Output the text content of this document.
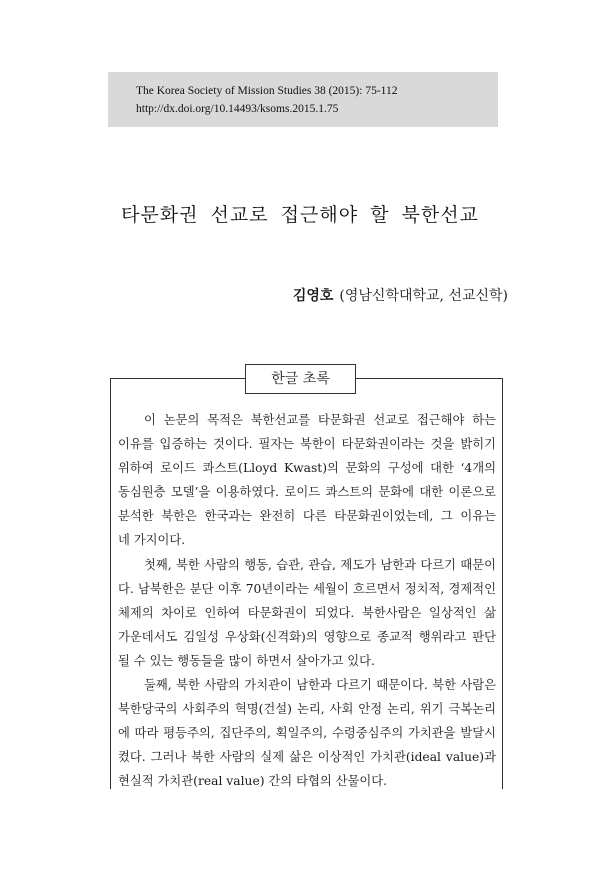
The Korea Society of Mission Studies 38 (2015): 75-112
http://dx.doi.org/10.14493/ksoms.2015.1.75
타문화권 선교로 접근해야 할 북한선교
김영호 (영남신학대학교, 선교신학)
한글 초록
이 논문의 목적은 북한선교를 타문화권 선교로 접근해야 하는
이유를 입증하는 것이다. 필자는 북한이 타문화권이라는 것을 밝히기
위하여 로이드 콰스트(Lloyd Kwast)의 문화의 구성에 대한 ‘4개의
동심원층 모델’을 이용하였다. 로이드 콰스트의 문화에 대한 이론으로
분석한 북한은 한국과는 완전히 다른 타문화권이었는데, 그 이유는
네 가지이다.
첫째, 북한 사람의 행동, 습관, 관습, 제도가 남한과 다르기 때문이
다. 남북한은 분단 이후 70년이라는 세월이 흐르면서 정치적, 경제적인
체제의 차이로 인하여 타문화권이 되었다. 북한사람은 일상적인 삶
가운데서도 김일성 우상화(신격화)의 영향으로 종교적 행위라고 판단
될 수 있는 행동들을 많이 하면서 살아가고 있다.
둘째, 북한 사람의 가치관이 남한과 다르기 때문이다. 북한 사람은
북한당국의 사회주의 혁명(건설) 논리, 사회 안정 논리, 위기 극복논리
에 따라 평등주의, 집단주의, 획일주의, 수령중심주의 가치관을 발달시
켰다. 그러나 북한 사람의 실제 삶은 이상적인 가치관(ideal value)과
현실적 가치관(real value) 간의 타협의 산물이다.
